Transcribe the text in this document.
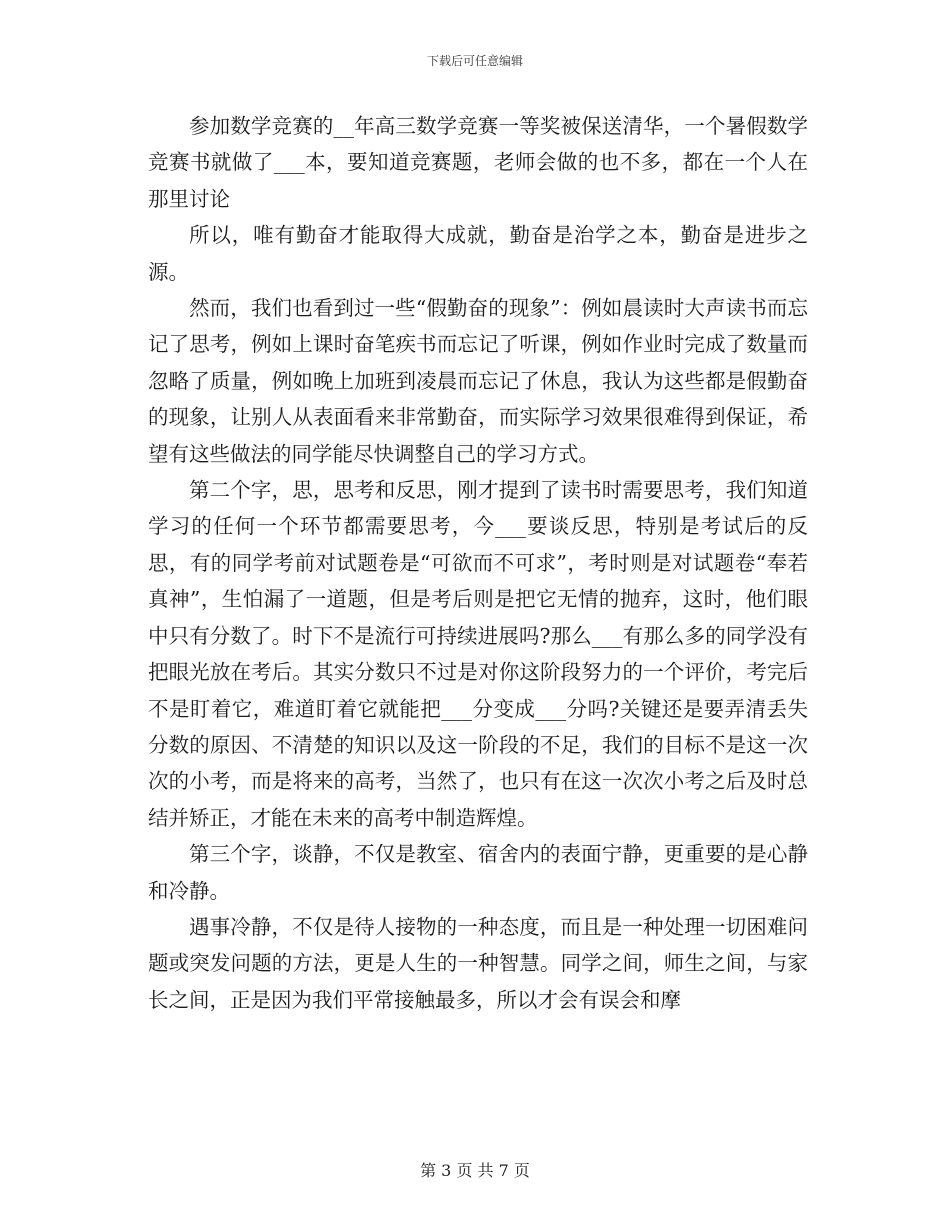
下载后可任意编辑

参加数学竞赛的__年高三数学竞赛一等奖被保送清华，一个暑假数学竞赛书就做了___本，要知道竞赛题，老师会做的也不多，都在一个人在那里讨论

所以，唯有勤奋才能取得大成就，勤奋是治学之本，勤奋是进步之源。

然而，我们也看到过一些“假勤奋的现象”：例如晨读时大声读书而忘记了思考，例如上课时奋笔疾书而忘记了听课，例如作业时完成了数量而忽略了质量，例如晚上加班到凌晨而忘记了休息，我认为这些都是假勤奋的现象，让别人从表面看来非常勤奋，而实际学习效果很难得到保证，希望有这些做法的同学能尽快调整自己的学习方式。

第二个字，思，思考和反思，刚才提到了读书时需要思考，我们知道学习的任何一个环节都需要思考，今___要谈反思，特别是考试后的反思，有的同学考前对试题卷是“可欲而不可求”，考时则是对试题卷“奉若真神”，生怕漏了一道题，但是考后则是把它无情的抛弃，这时，他们眼中只有分数了。时下不是流行可持续进展吗?那么___有那么多的同学没有把眼光放在考后。其实分数只不过是对你这阶段努力的一个评价，考完后不是盯着它，难道盯着它就能把___分变成___分吗?关键还是要弄清丢失分数的原因、不清楚的知识以及这一阶段的不足，我们的目标不是这一次次的小考，而是将来的高考，当然了，也只有在这一次次小考之后及时总结并矫正，才能在未来的高考中制造辉煌。

第三个字，谈静，不仅是教室、宿舍内的表面宁静，更重要的是心静和冷静。

遇事冷静，不仅是待人接物的一种态度，而且是一种处理一切困难问题或突发问题的方法，更是人生的一种智慧。同学之间，师生之间，与家长之间，正是因为我们平常接触最多，所以才会有误会和摩

第 3 页 共 7 页
